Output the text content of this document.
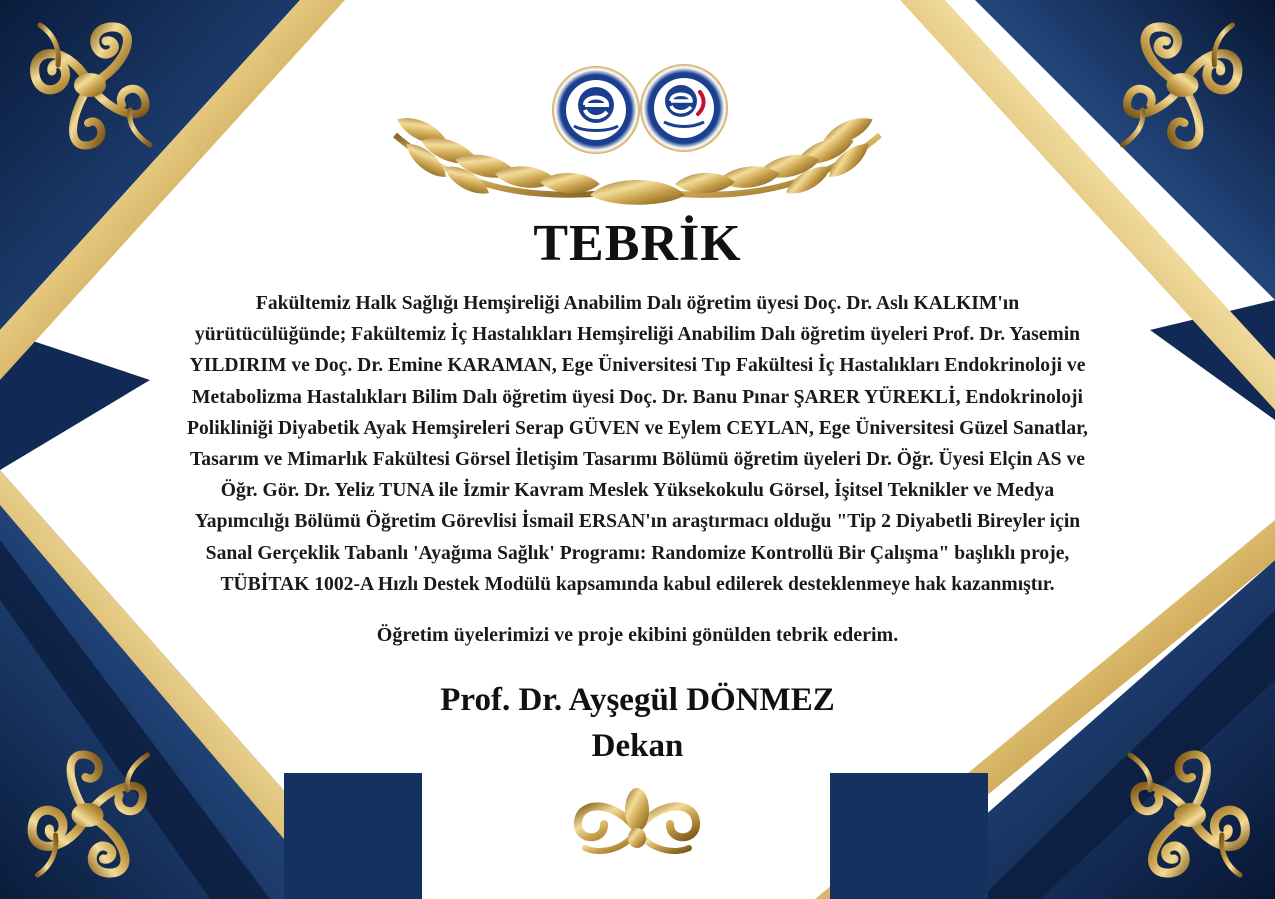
TEBRİK

Fakültemiz Halk Sağlığı Hemşireliği Anabilim Dalı öğretim üyesi Doç. Dr. Aslı KALKIM'ın
yürütücülüğünde; Fakültemiz İç Hastalıkları Hemşireliği Anabilim Dalı öğretim üyeleri Prof. Dr. Yasemin
YILDIRIM ve Doç. Dr. Emine KARAMAN, Ege Üniversitesi Tıp Fakültesi İç Hastalıkları Endokrinoloji ve
Metabolizma Hastalıkları Bilim Dalı öğretim üyesi Doç. Dr. Banu Pınar ŞARER YÜREKLİ, Endokrinoloji
Polikliniği Diyabetik Ayak Hemşireleri Serap GÜVEN ve Eylem CEYLAN, Ege Üniversitesi Güzel Sanatlar,
Tasarım ve Mimarlık Fakültesi Görsel İletişim Tasarımı Bölümü öğretim üyeleri Dr. Öğr. Üyesi Elçin AS ve
Öğr. Gör. Dr. Yeliz TUNA ile İzmir Kavram Meslek Yüksekokulu Görsel, İşitsel Teknikler ve Medya
Yapımcılığı Bölümü Öğretim Görevlisi İsmail ERSAN'ın araştırmacı olduğu "Tip 2 Diyabetli Bireyler için
Sanal Gerçeklik Tabanlı 'Ayağıma Sağlık' Programı: Randomize Kontrollü Bir Çalışma" başlıklı proje,
TÜBİTAK 1002-A Hızlı Destek Modülü kapsamında kabul edilerek desteklenmeye hak kazanmıştır.

Öğretim üyelerimizi ve proje ekibini gönülden tebrik ederim.

Prof. Dr. Ayşegül DÖNMEZ

Dekan
